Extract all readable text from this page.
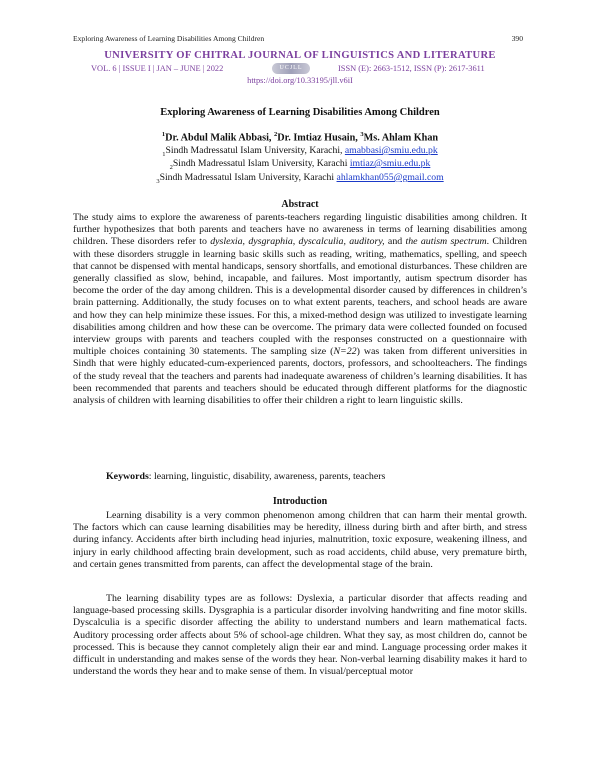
Exploring Awareness of Learning Disabilities Among Children	390
UNIVERSITY OF CHITRAL JOURNAL OF LINGUISTICS AND LITERATURE
VOL. 6 | ISSUE I | JAN – JUNE | 2022	UCJLL	ISSN (E): 2663-1512, ISSN (P): 2617-3611
https://doi.org/10.33195/jll.v6iI
Exploring Awareness of Learning Disabilities Among Children
$^1$Dr. Abdul Malik Abbasi, $^2$Dr. Imtiaz Husain, $^3$Ms. Ahlam Khan
$_1$Sindh Madressatul Islam University, Karachi, amabbasi@smiu.edu.pk
$_2$Sindh Madressatul Islam University, Karachi imtiaz@smiu.edu.pk
$_3$Sindh Madressatul Islam University, Karachi ahlamkhan055@gmail.com
Abstract
The study aims to explore the awareness of parents-teachers regarding linguistic disabilities among children. It further hypothesizes that both parents and teachers have no awareness in terms of learning disabilities among children. These disorders refer to dyslexia, dysgraphia, dyscalculia, auditory, and the autism spectrum. Children with these disorders struggle in learning basic skills such as reading, writing, mathematics, spelling, and speech that cannot be dispensed with mental handicaps, sensory shortfalls, and emotional disturbances. These children are generally classified as slow, behind, incapable, and failures. Most importantly, autism spectrum disorder has become the order of the day among children. This is a developmental disorder caused by differences in children’s brain patterning. Additionally, the study focuses on to what extent parents, teachers, and school heads are aware and how they can help minimize these issues. For this, a mixed-method design was utilized to investigate learning disabilities among children and how these can be overcome. The primary data were collected founded on focused interview groups with parents and teachers coupled with the responses constructed on a questionnaire with multiple choices containing 30 statements. The sampling size (N=22) was taken from different universities in Sindh that were highly educated-cum-experienced parents, doctors, professors, and schoolteachers. The findings of the study reveal that the teachers and parents had inadequate awareness of children’s learning disabilities. It has been recommended that parents and teachers should be educated through different platforms for the diagnostic analysis of children with learning disabilities to offer their children a right to learn linguistic skills.
Keywords: learning, linguistic, disability, awareness, parents, teachers
Introduction
Learning disability is a very common phenomenon among children that can harm their mental growth. The factors which can cause learning disabilities may be heredity, illness during birth and after birth, and stress during infancy. Accidents after birth including head injuries, malnutrition, toxic exposure, weakening illness, and injury in early childhood affecting brain development, such as road accidents, child abuse, very premature birth, and certain genes transmitted from parents, can affect the developmental stage of the brain.
The learning disability types are as follows: Dyslexia, a particular disorder that affects reading and language-based processing skills. Dysgraphia is a particular disorder involving handwriting and fine motor skills. Dyscalculia is a specific disorder affecting the ability to understand numbers and learn mathematical facts. Auditory processing order affects about 5% of school-age children. What they say, as most children do, cannot be processed. This is because they cannot completely align their ear and mind. Language processing order makes it difficult in understanding and makes sense of the words they hear. Non-verbal learning disability makes it hard to understand the words they hear and to make sense of them. In visual/perceptual motor
